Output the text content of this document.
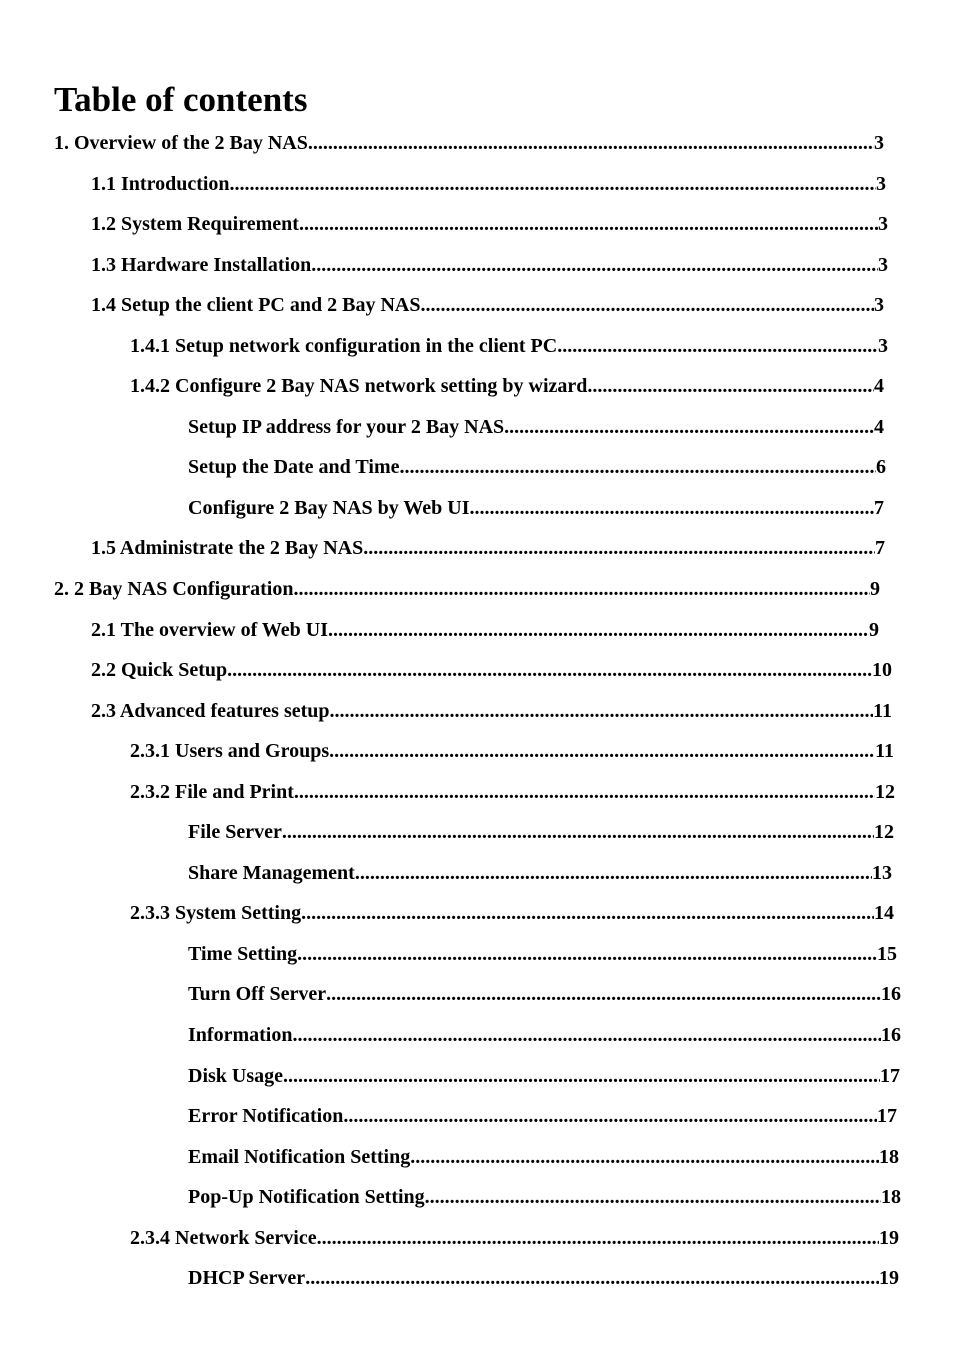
Table of contents
1. Overview of the 2 Bay NAS .....	3
1.1 Introduction .....	3
1.2 System Requirement .....	3
1.3 Hardware Installation .....	3
1.4 Setup the client PC and 2 Bay NAS .....	3
1.4.1 Setup network configuration in the client PC .....	3
1.4.2 Configure 2 Bay NAS network setting by wizard .....	4
Setup IP address for your 2 Bay NAS .....	4
Setup the Date and Time .....	6
Configure 2 Bay NAS by Web UI .....	7
1.5 Administrate the 2 Bay NAS .....	7
2. 2 Bay NAS Configuration .....	9
2.1 The overview of Web UI .....	9
2.2 Quick Setup .....	10
2.3 Advanced features setup .....	11
2.3.1 Users and Groups .....	11
2.3.2 File and Print .....	12
File Server .....	12
Share Management .....	13
2.3.3 System Setting .....	14
Time Setting .....	15
Turn Off Server .....	16
Information .....	16
Disk Usage .....	17
Error Notification .....	17
Email Notification Setting .....	18
Pop-Up Notification Setting .....	18
2.3.4 Network Service .....	19
DHCP Server .....	19
